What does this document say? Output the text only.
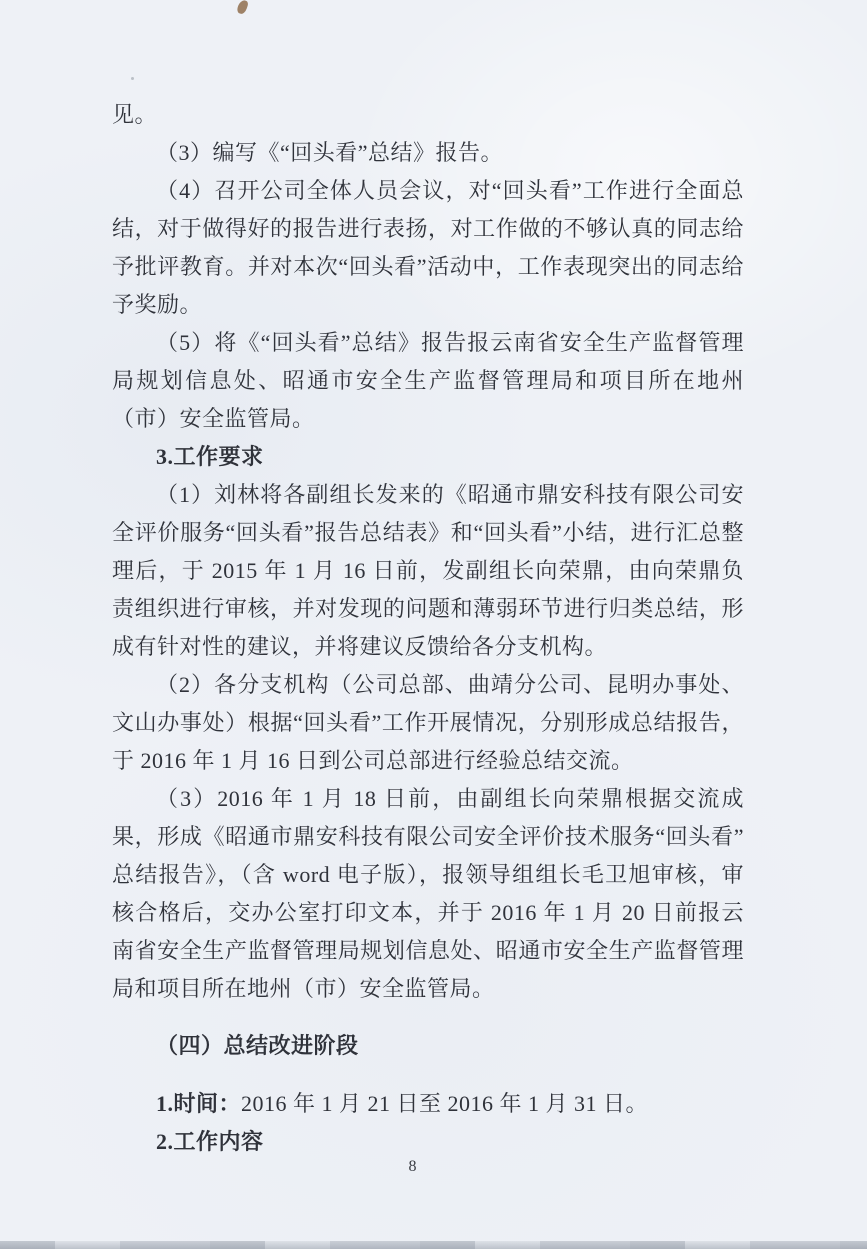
见。

（3）编写《“回头看”总结》报告。

（4）召开公司全体人员会议，对“回头看”工作进行全面总结，对于做得好的报告进行表扬，对工作做的不够认真的同志给予批评教育。并对本次“回头看”活动中，工作表现突出的同志给予奖励。

（5）将《“回头看”总结》报告报云南省安全生产监督管理局规划信息处、昭通市安全生产监督管理局和项目所在地州（市）安全监管局。

3.工作要求

（1）刘林将各副组长发来的《昭通市鼎安科技有限公司安全评价服务“回头看”报告总结表》和“回头看”小结，进行汇总整理后，于 2015 年 1 月 16 日前，发副组长向荣鼎，由向荣鼎负责组织进行审核，并对发现的问题和薄弱环节进行归类总结，形成有针对性的建议，并将建议反馈给各分支机构。

（2）各分支机构（公司总部、曲靖分公司、昆明办事处、文山办事处）根据“回头看”工作开展情况，分别形成总结报告，于 2016 年 1 月 16 日到公司总部进行经验总结交流。

（3）2016 年 1 月 18 日前，由副组长向荣鼎根据交流成果，形成《昭通市鼎安科技有限公司安全评价技术服务“回头看”总结报告》，（含 word 电子版），报领导组组长毛卫旭审核，审核合格后，交办公室打印文本，并于 2016 年 1 月 20 日前报云南省安全生产监督管理局规划信息处、昭通市安全生产监督管理局和项目所在地州（市）安全监管局。

（四）总结改进阶段

1.时间：2016 年 1 月 21 日至 2016 年 1 月 31 日。

2.工作内容

8
